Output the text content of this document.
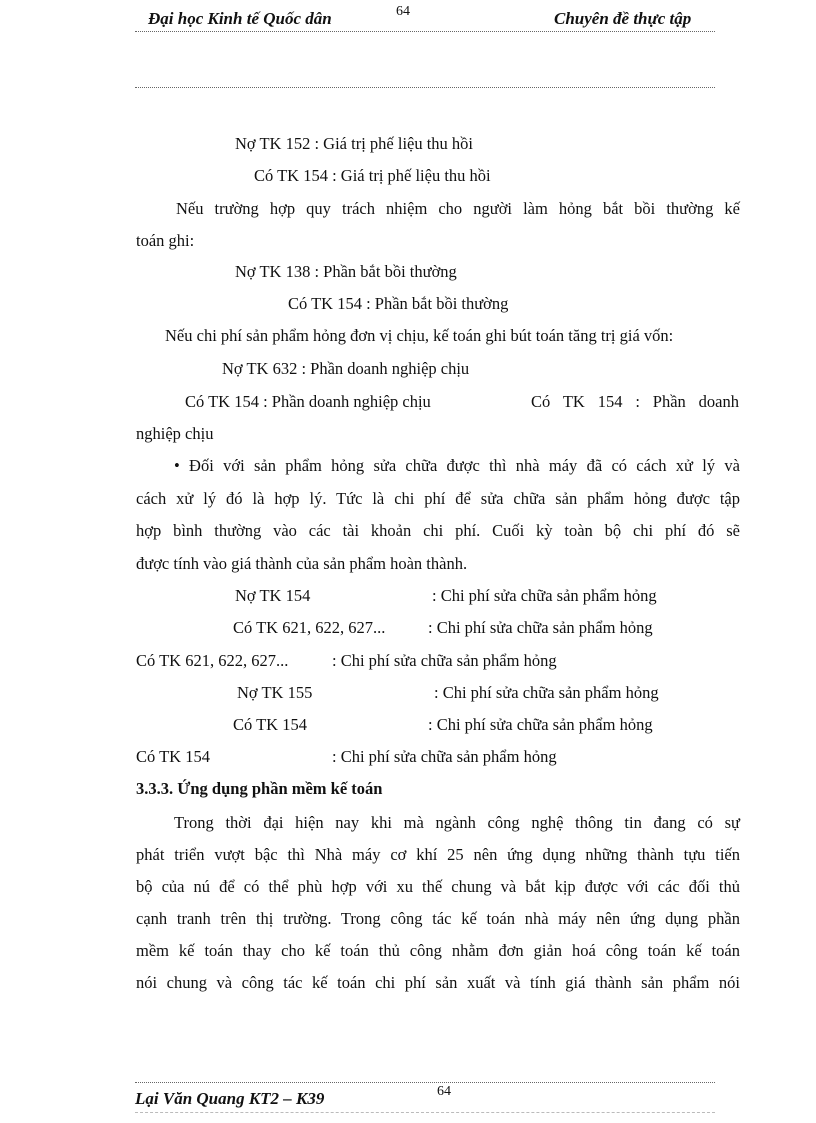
Đại học Kinh tế Quốc dân	64	Chuyên đề thực tập
Nợ TK 152 : Giá trị phế liệu thu hồi
Có TK 154 : Giá trị phế liệu thu hồi
Nếu trường hợp quy trách nhiệm cho người làm hỏng bắt bồi thường kế
toán ghi:
Nợ TK 138 : Phần bắt bồi thường
Có TK 154 : Phần bắt bồi thường
Nếu chi phí sản phẩm hỏng đơn vị chịu, kế toán ghi bút toán tăng trị giá vốn:
Nợ TK 632 : Phần doanh nghiệp chịu
Có TK 154 : Phần doanh nghiệp chịu	Có TK 154 : Phần doanh
nghiệp chịu
• Đối với sản phẩm hỏng sửa chữa được thì nhà máy đã có cách xử lý và
cách xử lý đó là hợp lý. Tức là chi phí để sửa chữa sản phẩm hỏng được tập
hợp bình thường vào các tài khoản chi phí. Cuối kỳ toàn bộ chi phí đó sẽ
được tính vào giá thành của sản phẩm hoàn thành.
Nợ TK 154	: Chi phí sửa chữa sản phẩm hỏng
Có TK 621, 622, 627...	: Chi phí sửa chữa sản phẩm hỏng
Có TK 621, 622, 627...	: Chi phí sửa chữa sản phẩm hỏng
Nợ TK 155	: Chi phí sửa chữa sản phẩm hỏng
Có TK 154	: Chi phí sửa chữa sản phẩm hỏng
Có TK 154	: Chi phí sửa chữa sản phẩm hỏng
3.3.3. Ứng dụng phần mềm kế toán
Trong thời đại hiện nay khi mà ngành công nghệ thông tin đang có sự
phát triển vượt bậc thì Nhà máy cơ khí 25 nên ứng dụng những thành tựu tiến
bộ của nú để có thể phù hợp với xu thế chung và bắt kịp được với các đối thủ
cạnh tranh trên thị trường. Trong công tác kế toán nhà máy nên ứng dụng phần
mềm kế toán thay cho kế toán thủ công nhằm đơn giản hoá công toán kế toán
nói chung và công tác kế toán chi phí sản xuất và tính giá thành sản phẩm nói
Lại Văn Quang KT2 – K39	64
